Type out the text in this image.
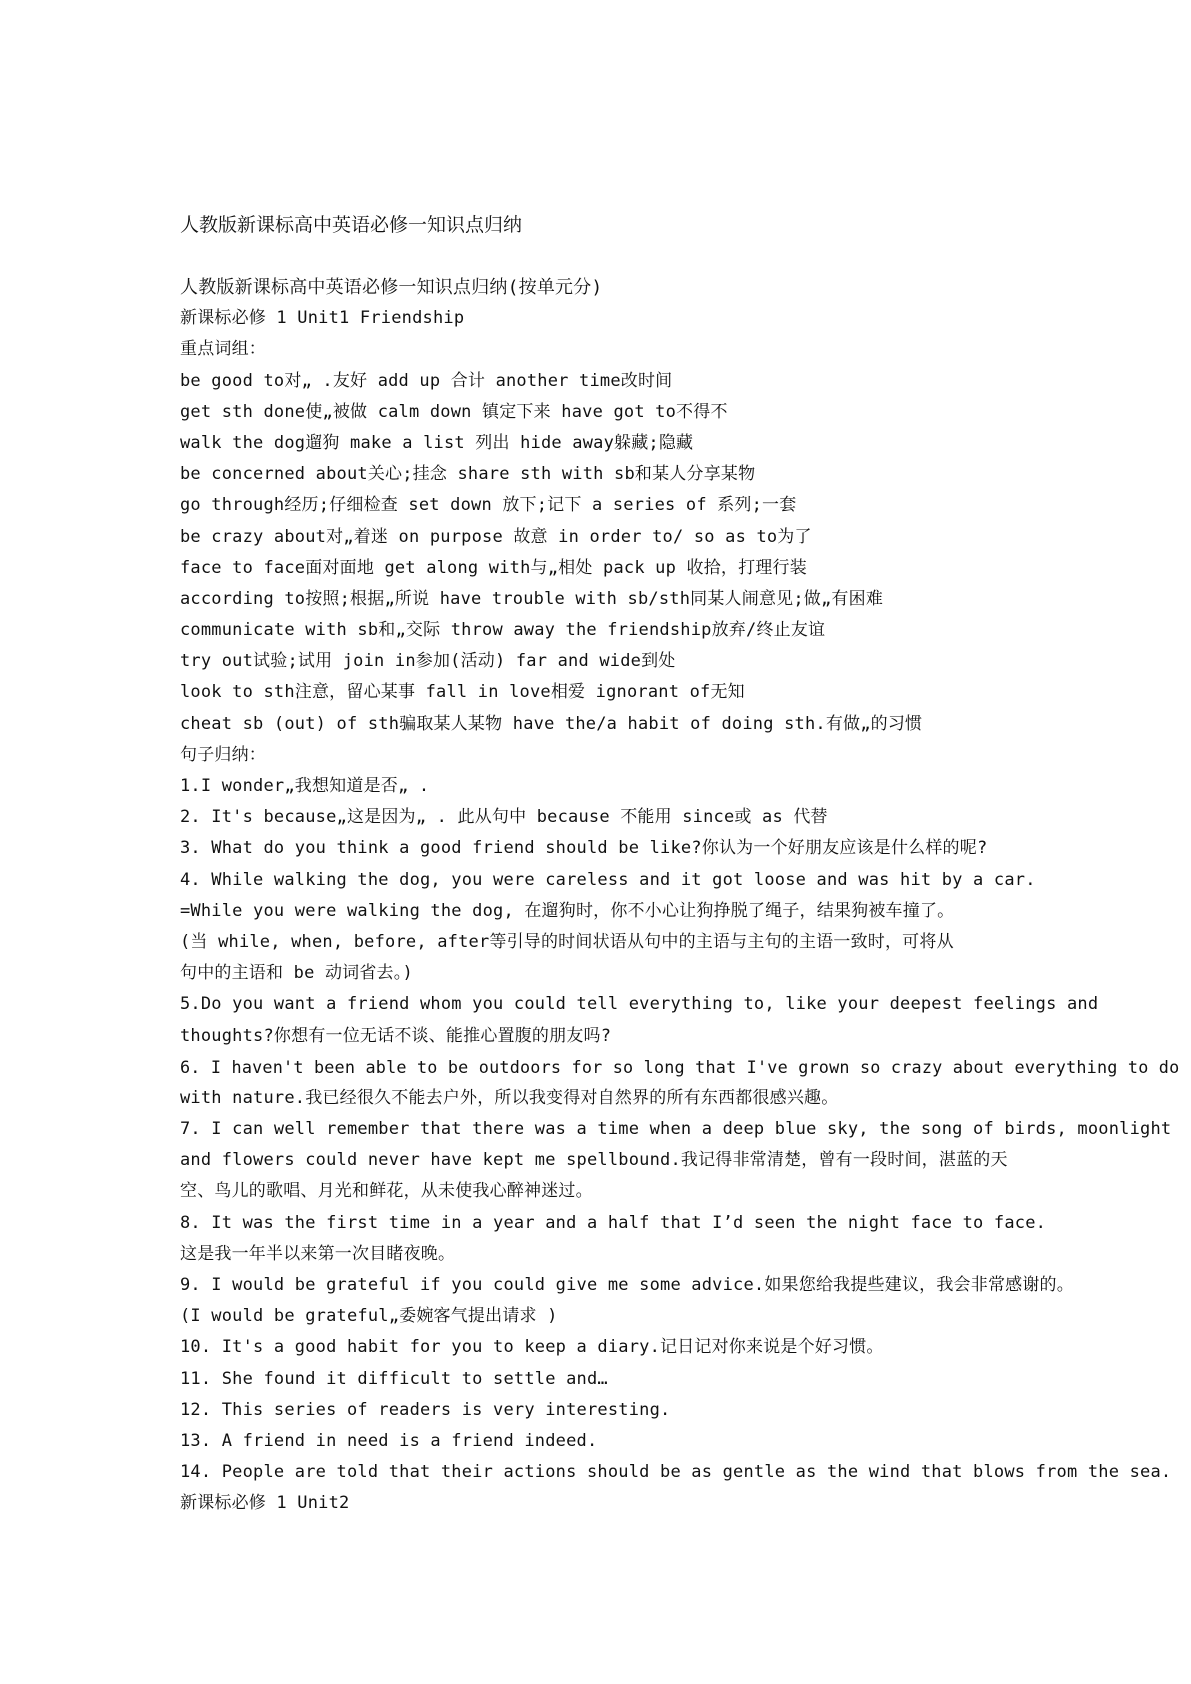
人教版新课标高中英语必修一知识点归纳
人教版新课标高中英语必修一知识点归纳(按单元分)
新课标必修 1 Unit1 Friendship
重点词组：
be good to对„ .友好 add up 合计 another time改时间
get sth done使„被做 calm down 镇定下来 have got to不得不
walk the dog遛狗 make a list 列出 hide away躲藏;隐藏
be concerned about关心;挂念 share sth with sb和某人分享某物
go through经历;仔细检查 set down 放下;记下 a series of 系列;一套
be crazy about对„着迷 on purpose 故意 in order to/ so as to为了
face to face面对面地 get along with与„相处 pack up 收拾，打理行装
according to按照;根据„所说 have trouble with sb/sth同某人闹意见;做„有困难
communicate with sb和„交际 throw away the friendship放弃/终止友谊
try out试验;试用 join in参加(活动) far and wide到处
look to sth注意，留心某事 fall in love相爱 ignorant of无知
cheat sb (out) of sth骗取某人某物 have the/a habit of doing sth.有做„的习惯
句子归纳：
1.I wonder„我想知道是否„ .
2. It's because„这是因为„ . 此从句中 because 不能用 since或 as 代替
3. What do you think a good friend should be like?你认为一个好朋友应该是什么样的呢?
4. While walking the dog, you were careless and it got loose and was hit by a car.
=While you were walking the dog, 在遛狗时，你不小心让狗挣脱了绳子，结果狗被车撞了。
(当 while, when, before, after等引导的时间状语从句中的主语与主句的主语一致时，可将从
句中的主语和 be 动词省去。)
5.Do you want a friend whom you could tell everything to, like your deepest feelings and
thoughts?你想有一位无话不谈、能推心置腹的朋友吗?
6. I haven't been able to be outdoors for so long that I've grown so crazy about everything to do
with nature.我已经很久不能去户外，所以我变得对自然界的所有东西都很感兴趣。
7. I can well remember that there was a time when a deep blue sky, the song of birds, moonlight
and flowers could never have kept me spellbound.我记得非常清楚，曾有一段时间，湛蓝的天
空、鸟儿的歌唱、月光和鲜花，从未使我心醉神迷过。
8. It was the first time in a year and a half that I’d seen the night face to face.
这是我一年半以来第一次目睹夜晚。
9. I would be grateful if you could give me some advice.如果您给我提些建议，我会非常感谢的。
(I would be grateful„委婉客气提出请求 )
10. It's a good habit for you to keep a diary.记日记对你来说是个好习惯。
11. She found it difficult to settle and…
12. This series of readers is very interesting.
13. A friend in need is a friend indeed.
14. People are told that their actions should be as gentle as the wind that blows from the sea.
新课标必修 1 Unit2
